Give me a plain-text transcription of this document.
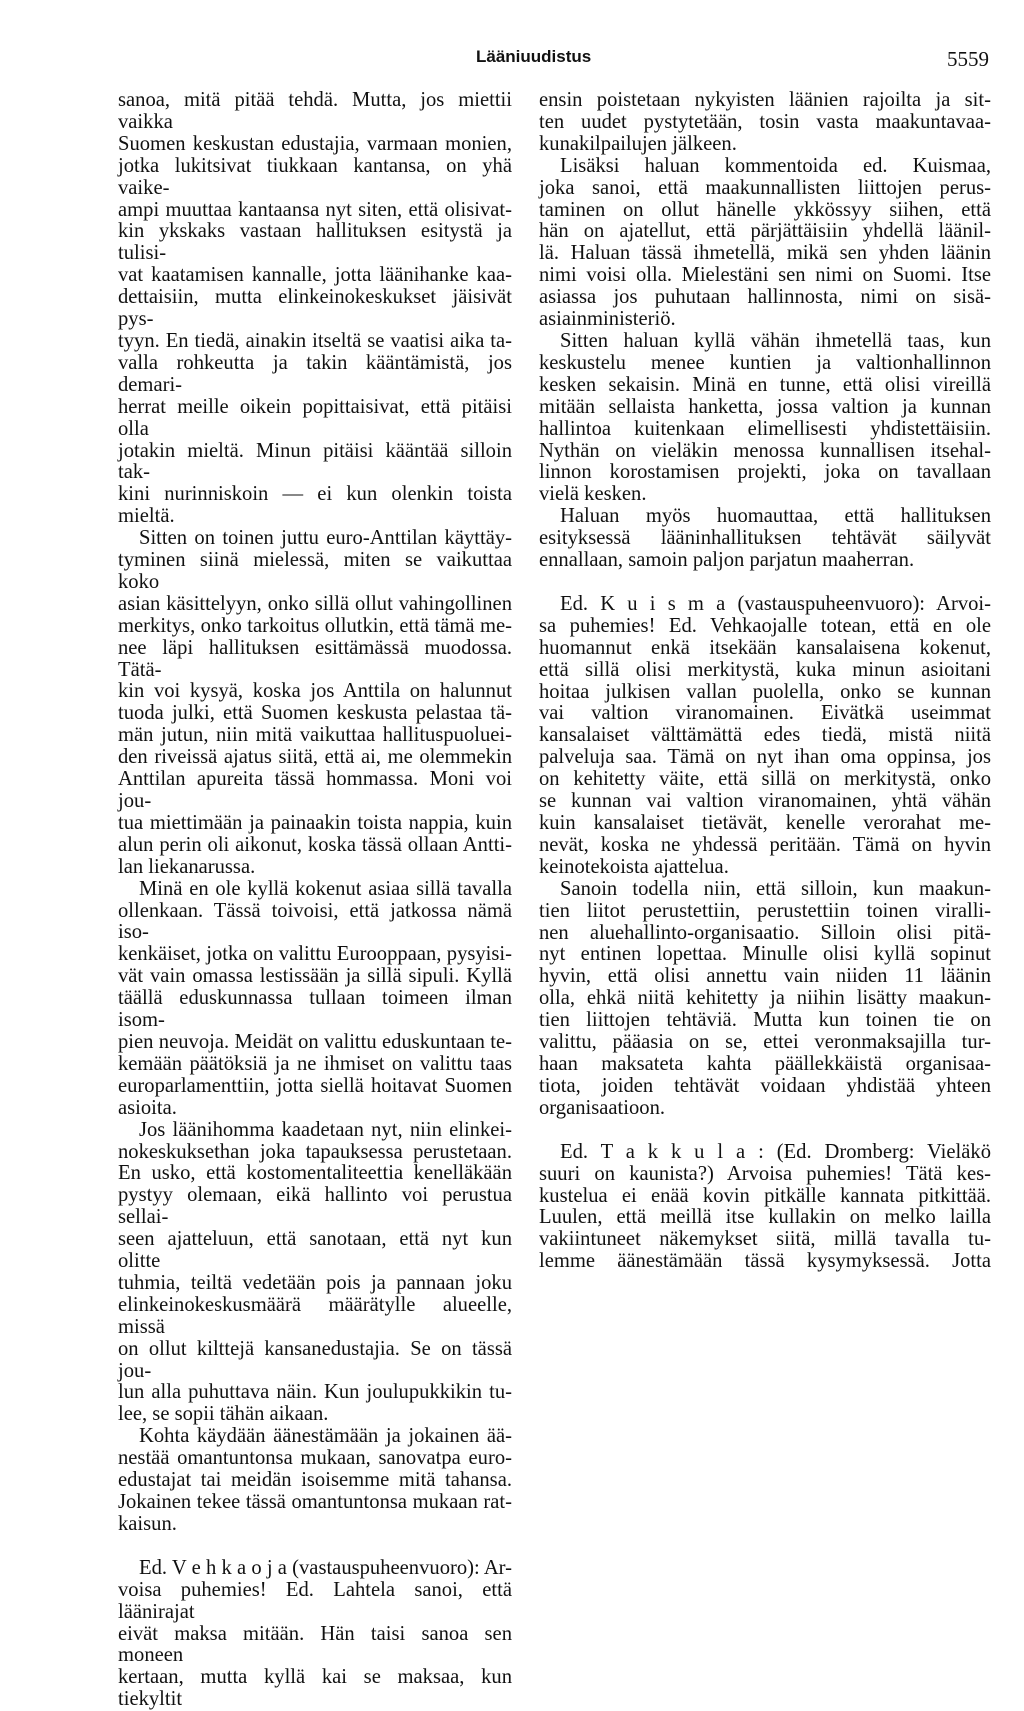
Lääniuudistus	5559
sanoa, mitä pitää tehdä. Mutta, jos miettii vaikka
Suomen keskustan edustajia, varmaan monien,
jotka lukitsivat tiukkaan kantansa, on yhä vaike-
ampi muuttaa kantaansa nyt siten, että olisivat-
kin ykskaks vastaan hallituksen esitystä ja tulisi-
vat kaatamisen kannalle, jotta läänihanke kaa-
dettaisiin, mutta elinkeinokeskukset jäisivät pys-
tyyn. En tiedä, ainakin itseltä se vaatisi aika ta-
valla rohkeutta ja takin kääntämistä, jos demari-
herrat meille oikein popittaisivat, että pitäisi olla
jotakin mieltä. Minun pitäisi kääntää silloin tak-
kini nurinniskoin — ei kun olenkin toista mieltä.
Sitten on toinen juttu euro-Anttilan käyttäy-
tyminen siinä mielessä, miten se vaikuttaa koko
asian käsittelyyn, onko sillä ollut vahingollinen
merkitys, onko tarkoitus ollutkin, että tämä me-
nee läpi hallituksen esittämässä muodossa. Tätä-
kin voi kysyä, koska jos Anttila on halunnut
tuoda julki, että Suomen keskusta pelastaa tä-
män jutun, niin mitä vaikuttaa hallituspuoluei-
den riveissä ajatus siitä, että ai, me olemmekin
Anttilan apureita tässä hommassa. Moni voi jou-
tua miettimään ja painaakin toista nappia, kuin
alun perin oli aikonut, koska tässä ollaan Antti-
lan liekanarussa.
Minä en ole kyllä kokenut asiaa sillä tavalla
ollenkaan. Tässä toivoisi, että jatkossa nämä iso-
kenkäiset, jotka on valittu Eurooppaan, pysyisi-
vät vain omassa lestissään ja sillä sipuli. Kyllä
täällä eduskunnassa tullaan toimeen ilman isom-
pien neuvoja. Meidät on valittu eduskuntaan te-
kemään päätöksiä ja ne ihmiset on valittu taas
europarlamenttiin, jotta siellä hoitavat Suomen
asioita.
Jos läänihomma kaadetaan nyt, niin elinkei-
nokeskuksethan joka tapauksessa perustetaan.
En usko, että kostomentaliteettia kenelläkään
pystyy olemaan, eikä hallinto voi perustua sellai-
seen ajatteluun, että sanotaan, että nyt kun olitte
tuhmia, teiltä vedetään pois ja pannaan joku
elinkeinokeskusmäärä määrätylle alueelle, missä
on ollut kilttejä kansanedustajia. Se on tässä jou-
lun alla puhuttava näin. Kun joulupukkikin tu-
lee, se sopii tähän aikaan.
Kohta käydään äänestämään ja jokainen ää-
nestää omantuntonsa mukaan, sanovatpa euro-
edustajat tai meidän isoisemme mitä tahansa.
Jokainen tekee tässä omantuntonsa mukaan rat-
kaisun.
Ed. V e h k a o j a (vastauspuheenvuoro): Ar-
voisa puhemies! Ed. Lahtela sanoi, että läänirajat
eivät maksa mitään. Hän taisi sanoa sen moneen
kertaan, mutta kyllä kai se maksaa, kun tiekyltit
ensin poistetaan nykyisten läänien rajoilta ja sit-
ten uudet pystytetään, tosin vasta maakuntavaa-
kunakilpailujen jälkeen.
Lisäksi haluan kommentoida ed. Kuismaa,
joka sanoi, että maakunnallisten liittojen perus-
taminen on ollut hänelle ykkössyy siihen, että
hän on ajatellut, että pärjättäisiin yhdellä läänil-
lä. Haluan tässä ihmetellä, mikä sen yhden läänin
nimi voisi olla. Mielestäni sen nimi on Suomi. Itse
asiassa jos puhutaan hallinnosta, nimi on sisä-
asiainministeriö.
Sitten haluan kyllä vähän ihmetellä taas, kun
keskustelu menee kuntien ja valtionhallinnon
kesken sekaisin. Minä en tunne, että olisi vireillä
mitään sellaista hanketta, jossa valtion ja kunnan
hallintoa kuitenkaan elimellisesti yhdistettäisiin.
Nythän on vieläkin menossa kunnallisen itsehal-
linnon korostamisen projekti, joka on tavallaan
vielä kesken.
Haluan myös huomauttaa, että hallituksen
esityksessä lääninhallituksen tehtävät säilyvät
ennallaan, samoin paljon parjatun maaherran.
Ed. K u i s m a (vastauspuheenvuoro): Arvoi-
sa puhemies! Ed. Vehkaojalle totean, että en ole
huomannut enkä itsekään kansalaisena kokenut,
että sillä olisi merkitystä, kuka minun asioitani
hoitaa julkisen vallan puolella, onko se kunnan
vai valtion viranomainen. Eivätkä useimmat
kansalaiset välttämättä edes tiedä, mistä niitä
palveluja saa. Tämä on nyt ihan oma oppinsa, jos
on kehitetty väite, että sillä on merkitystä, onko
se kunnan vai valtion viranomainen, yhtä vähän
kuin kansalaiset tietävät, kenelle verorahat me-
nevät, koska ne yhdessä peritään. Tämä on hyvin
keinotekoista ajattelua.
Sanoin todella niin, että silloin, kun maakun-
tien liitot perustettiin, perustettiin toinen viralli-
nen aluehallinto-organisaatio. Silloin olisi pitä-
nyt entinen lopettaa. Minulle olisi kyllä sopinut
hyvin, että olisi annettu vain niiden 11 läänin
olla, ehkä niitä kehitetty ja niihin lisätty maakun-
tien liittojen tehtäviä. Mutta kun toinen tie on
valittu, pääasia on se, ettei veronmaksajilla tur-
haan maksateta kahta päällekkäistä organisaa-
tiota, joiden tehtävät voidaan yhdistää yhteen
organisaatioon.
Ed. T a k k u l a : (Ed. Dromberg: Vieläkö
suuri on kaunista?) Arvoisa puhemies! Tätä kes-
kustelua ei enää kovin pitkälle kannata pitkittää.
Luulen, että meillä itse kullakin on melko lailla
vakiintuneet näkemykset siitä, millä tavalla tu-
lemme äänestämään tässä kysymyksessä. Jotta
